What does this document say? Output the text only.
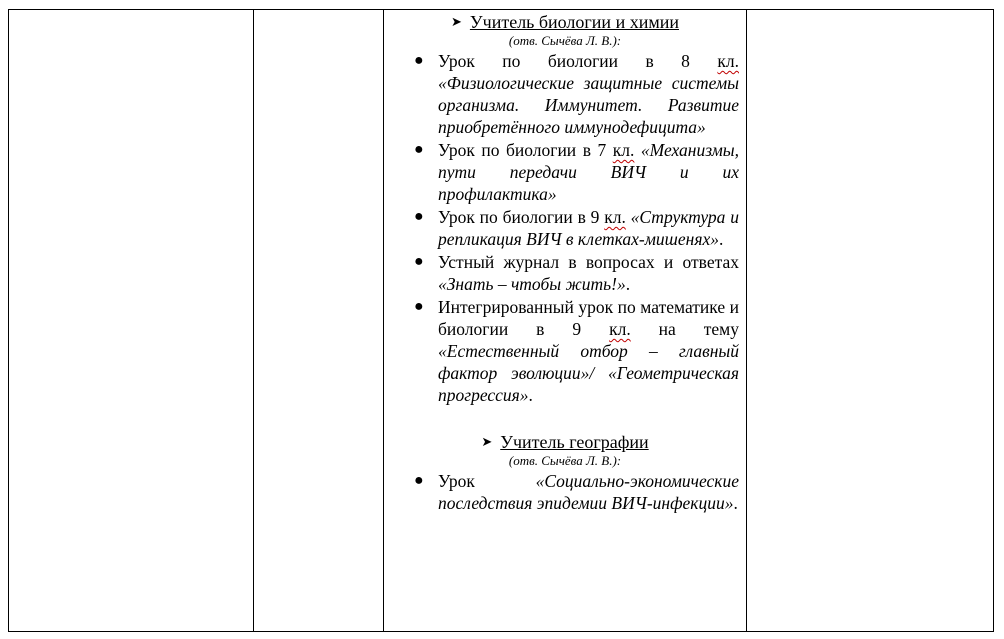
➤ Учитель биологии и химии
(отв. Сычёва Л. В.):
● Урок по биологии в 8 кл. «Физиологические защитные системы организма. Иммунитет. Развитие приобретённого иммунодефицита»
● Урок по биологии в 7 кл. «Механизмы, пути передачи ВИЧ и их профилактика»
● Урок по биологии в 9 кл. «Структура и репликация ВИЧ в клетках-мишенях».
● Устный журнал в вопросах и ответах «Знать – чтобы жить!».
● Интегрированный урок по математике и биологии в 9 кл. на тему «Естественный отбор – главный фактор эволюции»/ «Геометрическая прогрессия».
➤ Учитель географии
(отв. Сычёва Л. В.):
● Урок «Социально-экономические последствия эпидемии ВИЧ-инфекции».
